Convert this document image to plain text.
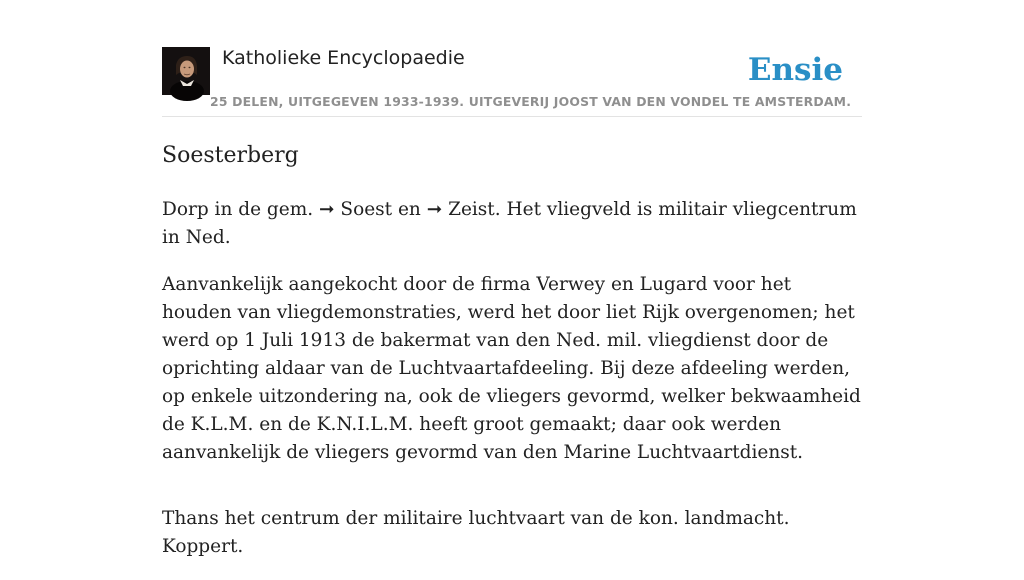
Katholieke Encyclopaedie
25 DELEN, UITGEGEVEN 1933-1939. UITGEVERIJ JOOST VAN DEN VONDEL TE AMSTERDAM.
Ensie
Soesterberg

Dorp in de gem. ➞ Soest en ➞ Zeist. Het vliegveld is militair vliegcentrum in Ned.

Aanvankelijk aangekocht door de firma Verwey en Lugard voor het houden van vliegdemonstraties, werd het door liet Rijk overgenomen; het werd op 1 Juli 1913 de bakermat van den Ned. mil. vliegdienst door de oprichting aldaar van de Luchtvaartafdeeling. Bij deze afdeeling werden, op enkele uitzondering na, ook de vliegers gevormd, welker bekwaamheid de K.L.M. en de K.N.I.L.M. heeft groot gemaakt; daar ook werden aanvankelijk de vliegers gevormd van den Marine Luchtvaartdienst.

Thans het centrum der militaire luchtvaart van de kon. landmacht. Koppert.
